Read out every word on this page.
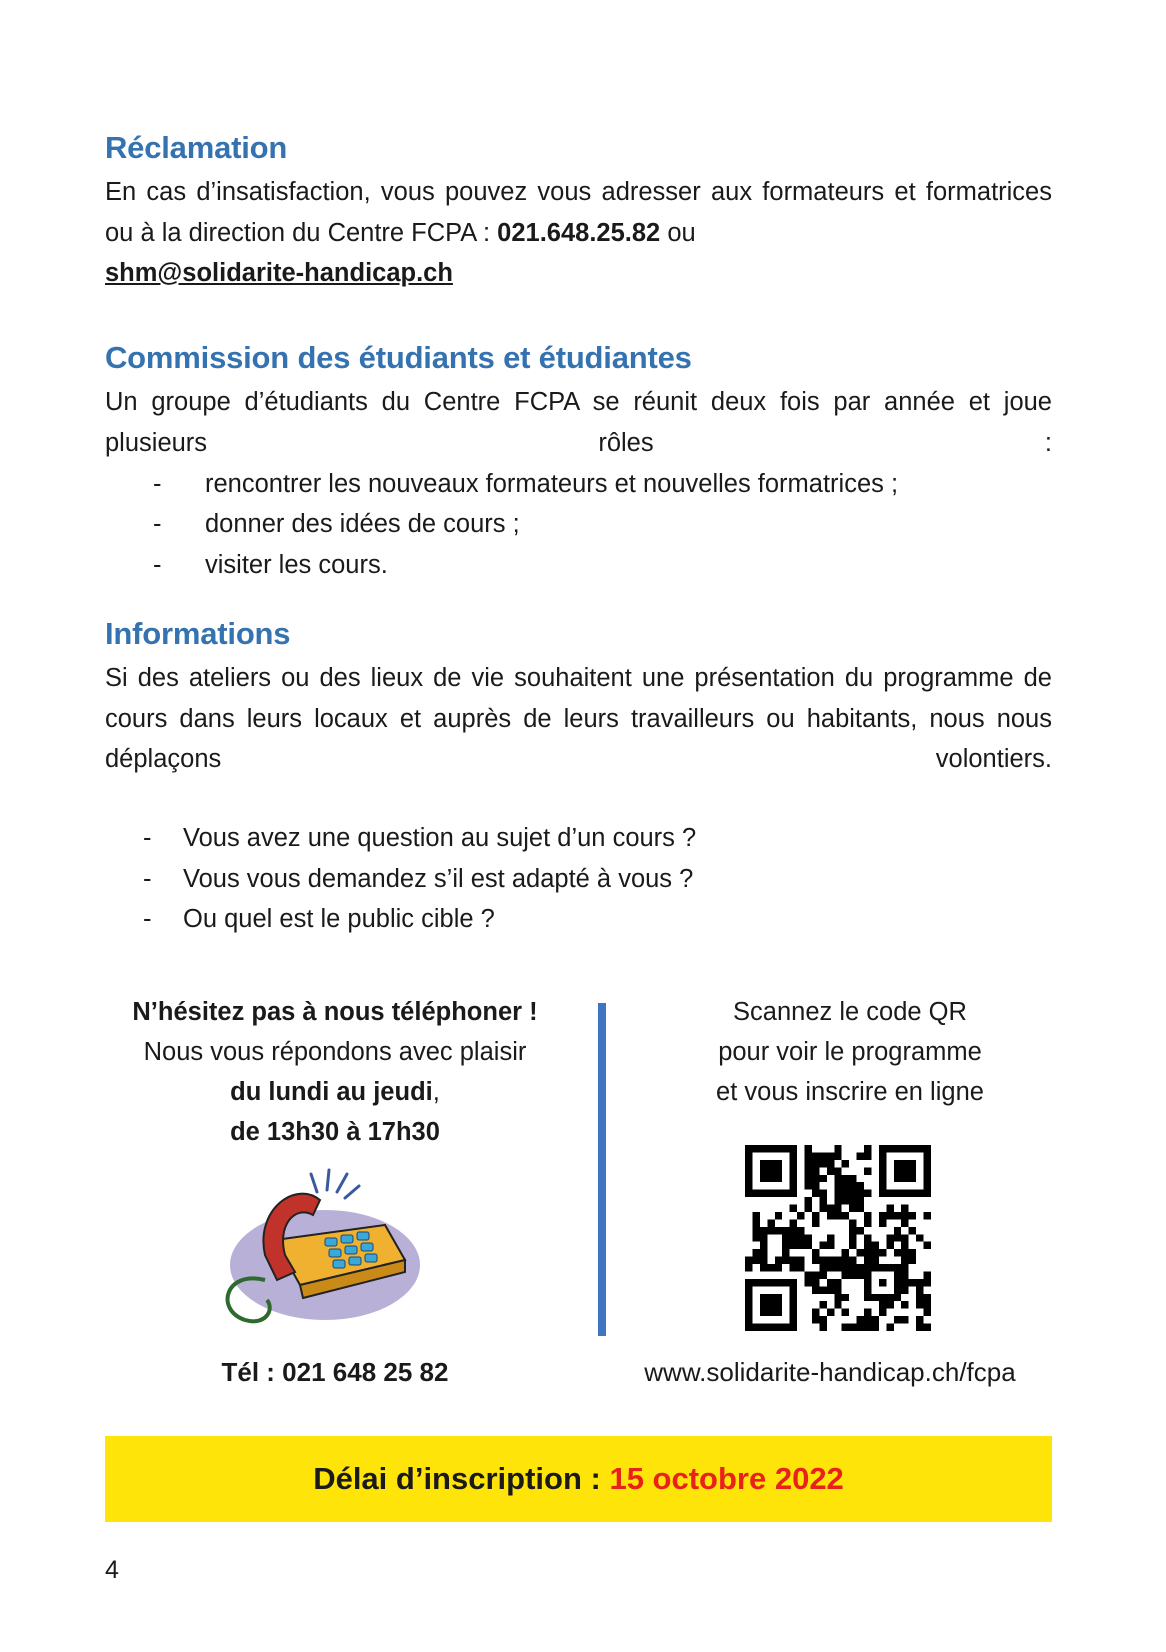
Réclamation

En cas d’insatisfaction, vous pouvez vous adresser aux formateurs et formatrices ou à la direction du Centre FCPA : 021.648.25.82 ou
shm@solidarite-handicap.ch

Commission des étudiants et étudiantes

Un groupe d’étudiants du Centre FCPA se réunit deux fois par année et joue plusieurs rôles :

- rencontrer les nouveaux formateurs et nouvelles formatrices ;
- donner des idées de cours ;
- visiter les cours.
Informations

Si des ateliers ou des lieux de vie souhaitent une présentation du programme de cours dans leurs locaux et auprès de leurs travailleurs ou habitants, nous nous déplaçons volontiers.

- Vous avez une question au sujet d’un cours ?
- Vous vous demandez s’il est adapté à vous ?
- Ou quel est le public cible ?
N’hésitez pas à nous téléphoner !
Nous vous répondons avec plaisir
du lundi au jeudi,
de 13h30 à 17h30
Scannez le code QR
pour voir le programme
et vous inscrire en ligne
Tél : 021 648 25 82	www.solidarite-handicap.ch/fcpa
Délai d’inscription : 15 octobre 2022
4
